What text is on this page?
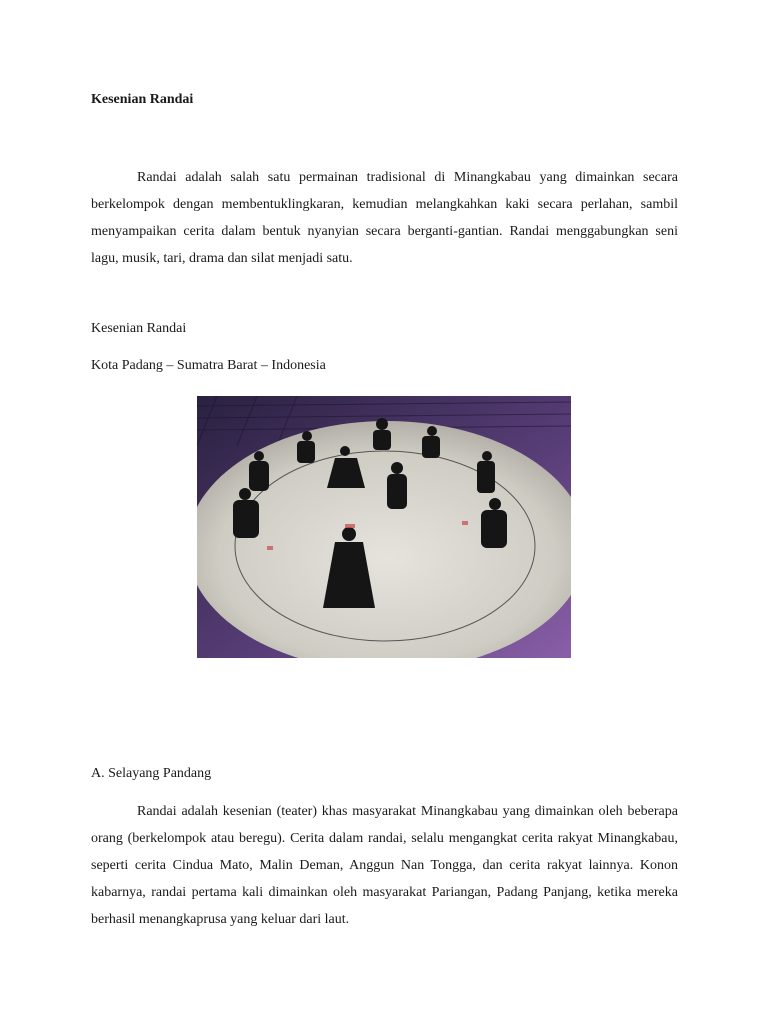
Kesenian Randai

Randai adalah salah satu permainan tradisional di Minangkabau yang dimainkan secara berkelompok dengan membentuklingkaran, kemudian melangkahkan kaki secara perlahan, sambil menyampaikan cerita dalam bentuk nyanyian secara berganti-gantian. Randai menggabungkan seni lagu, musik, tari, drama dan silat menjadi satu.

Kesenian Randai

Kota Padang – Sumatra Barat – Indonesia

A. Selayang Pandang

Randai adalah kesenian (teater) khas masyarakat Minangkabau yang dimainkan oleh beberapa orang (berkelompok atau beregu). Cerita dalam randai, selalu mengangkat cerita rakyat Minangkabau, seperti cerita Cindua Mato, Malin Deman, Anggun Nan Tongga, dan cerita rakyat lainnya. Konon kabarnya, randai pertama kali dimainkan oleh masyarakat Pariangan, Padang Panjang, ketika mereka berhasil menangkaprusa yang keluar dari laut.
